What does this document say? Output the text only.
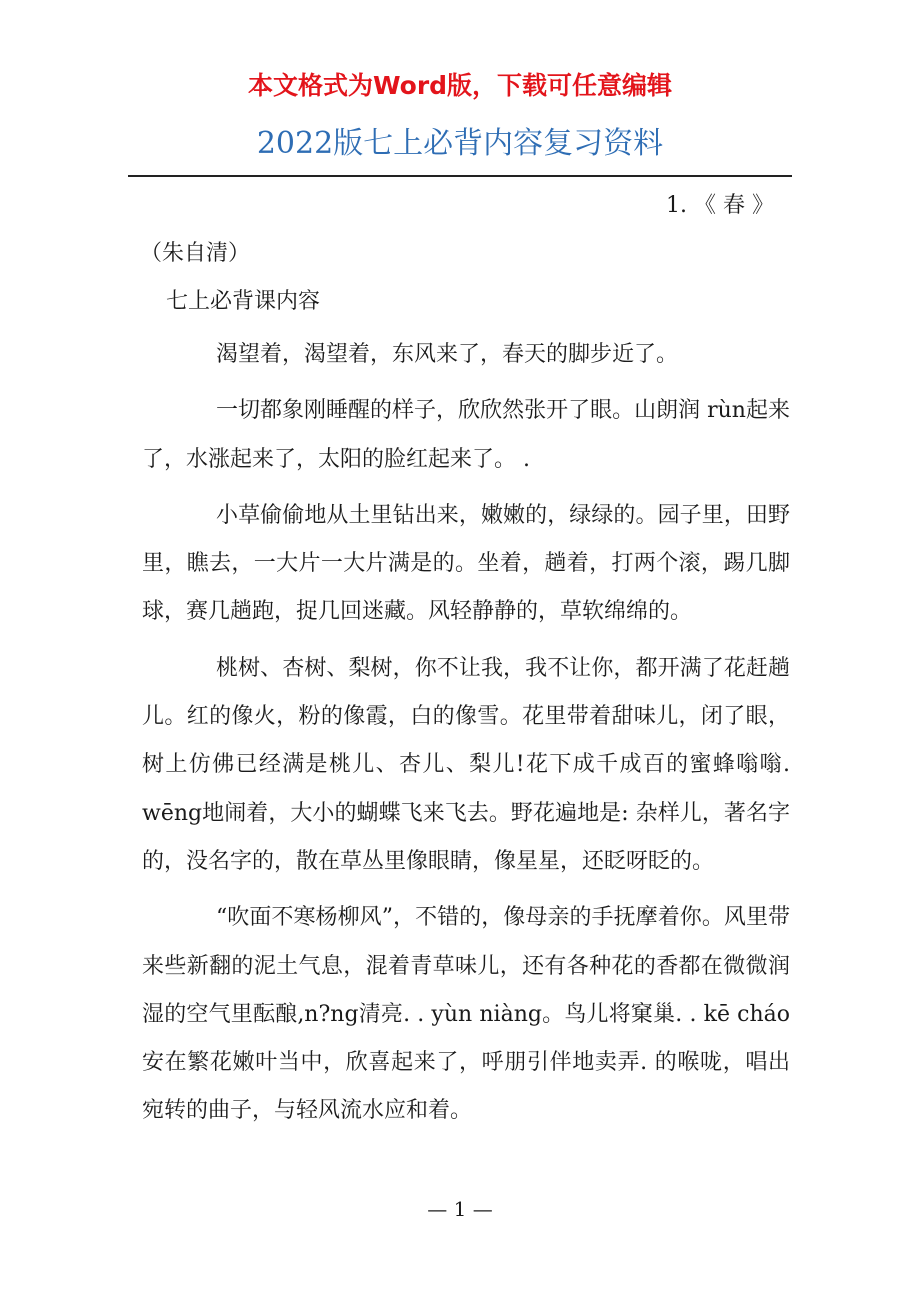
本文格式为Word版，下载可任意编辑
2022版七上必背内容复习资料
1. 《 春 》
（朱自清）
七上必背课内容

渴望着，渴望着，东风来了，春天的脚步近了。

一切都象刚睡醒的样子，欣欣然张开了眼。山朗润 rùn起来了，水涨起来了，太阳的脸红起来了。 .

小草偷偷地从土里钻出来，嫩嫩的，绿绿的。园子里，田野里，瞧去，一大片一大片满是的。坐着，趟着，打两个滚，踢几脚球，赛几趟跑，捉几回迷藏。风轻静静的，草软绵绵的。

桃树、杏树、梨树，你不让我，我不让你，都开满了花赶趟儿。红的像火，粉的像霞，白的像雪。花里带着甜味儿，闭了眼，树上仿佛已经满是桃儿、杏儿、梨儿!花下成千成百的蜜蜂嗡嗡. wēng地闹着，大小的蝴蝶飞来飞去。野花遍地是: 杂样儿，著名字的，没名字的，散在草丛里像眼睛，像星星，还眨呀眨的。

“吹面不寒杨柳风”，不错的，像母亲的手抚摩着你。风里带来些新翻的泥土气息，混着青草味儿，还有各种花的香都在微微润湿的空气里酝酿,n?ng清亮. . yùn niàng。鸟儿将窠巢. . kē cháo 安在繁花嫩叶当中，欣喜起来了，呼朋引伴地卖弄. 的喉咙，唱出宛转的曲子，与轻风流水应和着。

— 1 —
